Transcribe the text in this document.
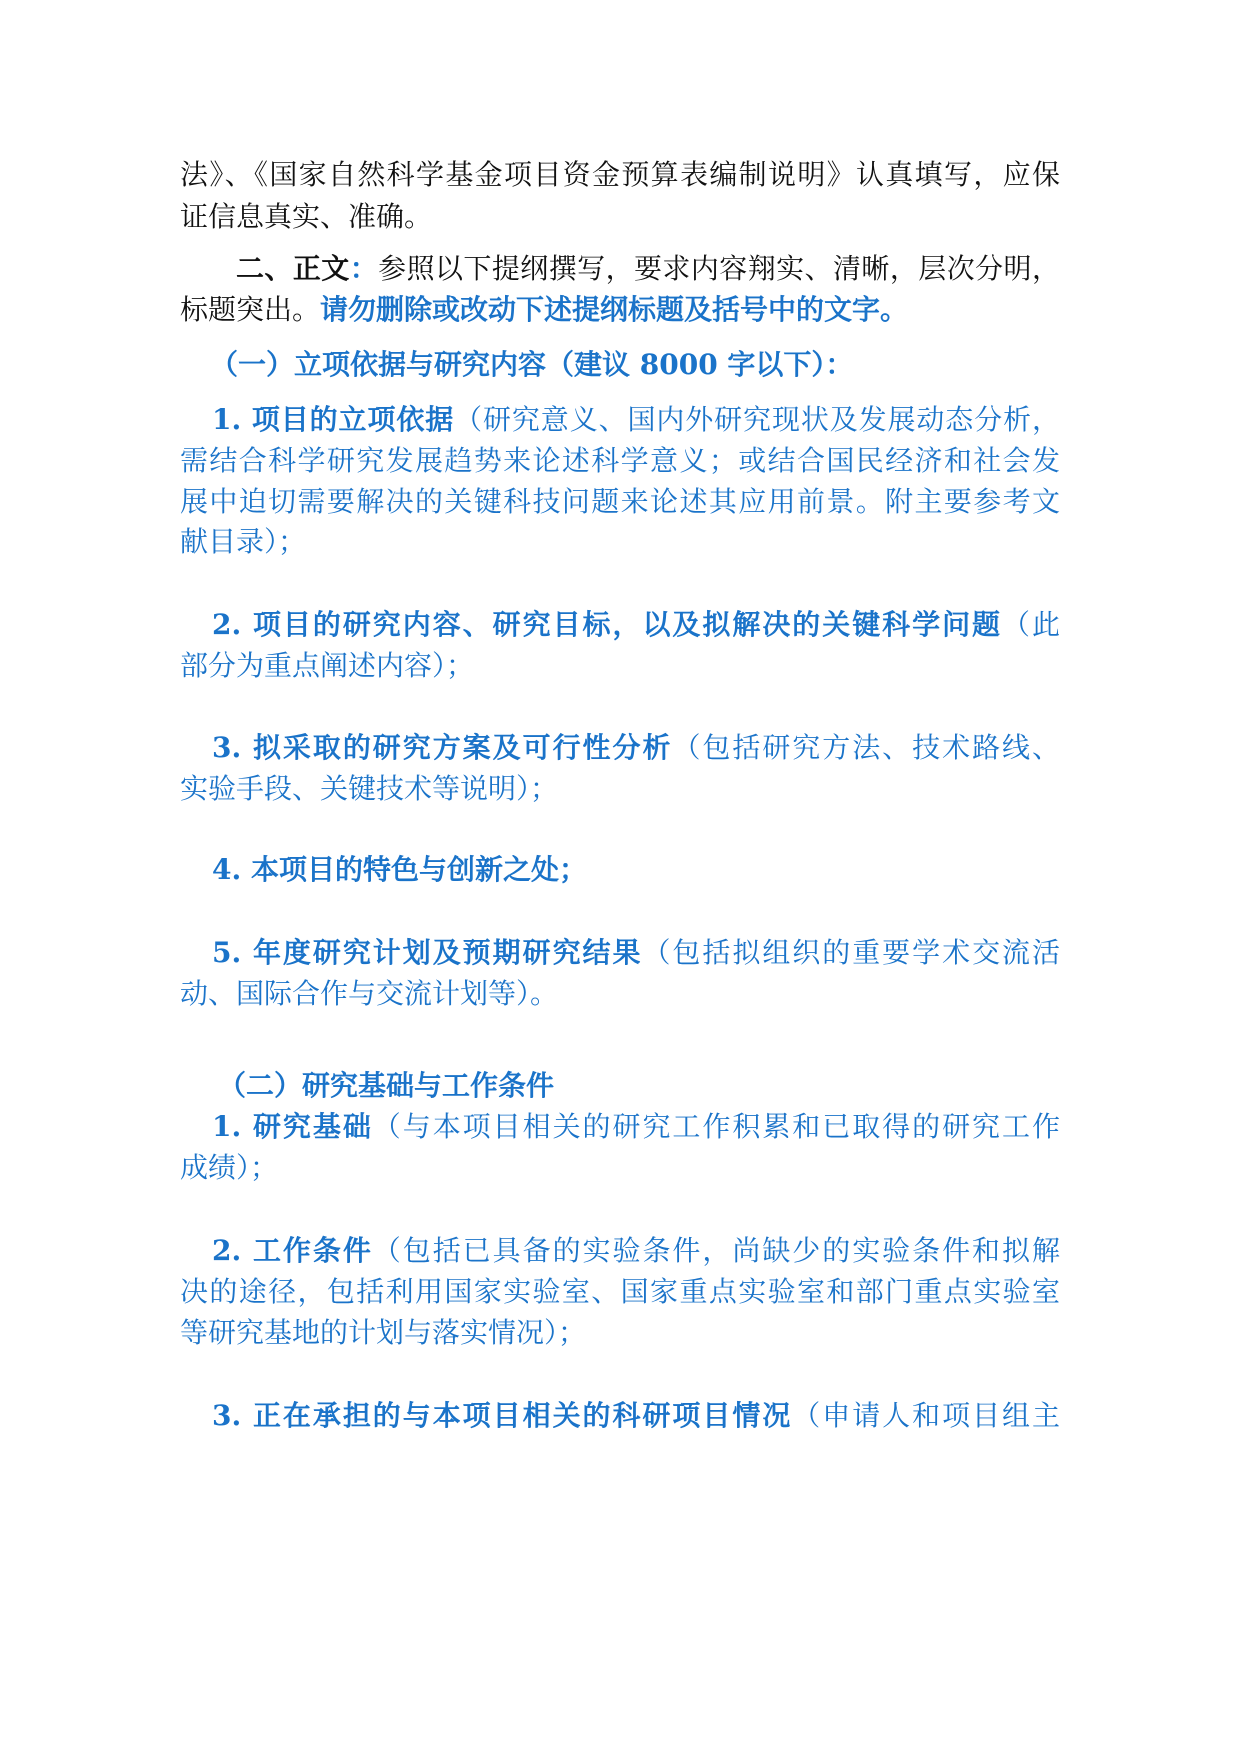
法》、《国家自然科学基金项目资金预算表编制说明》认真填写，应保
证信息真实、准确。
二、正文：参照以下提纲撰写，要求内容翔实、清晰，层次分明，
标题突出。请勿删除或改动下述提纲标题及括号中的文字。
（一）立项依据与研究内容（建议 8000 字以下）：
1. 项目的立项依据（研究意义、国内外研究现状及发展动态分析，
需结合科学研究发展趋势来论述科学意义；或结合国民经济和社会发
展中迫切需要解决的关键科技问题来论述其应用前景。附主要参考文
献目录）；
2. 项目的研究内容、研究目标，以及拟解决的关键科学问题（此
部分为重点阐述内容）；
3. 拟采取的研究方案及可行性分析（包括研究方法、技术路线、
实验手段、关键技术等说明）；
4. 本项目的特色与创新之处；
5. 年度研究计划及预期研究结果（包括拟组织的重要学术交流活
动、国际合作与交流计划等）。
（二）研究基础与工作条件
1. 研究基础（与本项目相关的研究工作积累和已取得的研究工作
成绩）；
2. 工作条件（包括已具备的实验条件，尚缺少的实验条件和拟解
决的途径，包括利用国家实验室、国家重点实验室和部门重点实验室
等研究基地的计划与落实情况）；
3. 正在承担的与本项目相关的科研项目情况（申请人和项目组主
